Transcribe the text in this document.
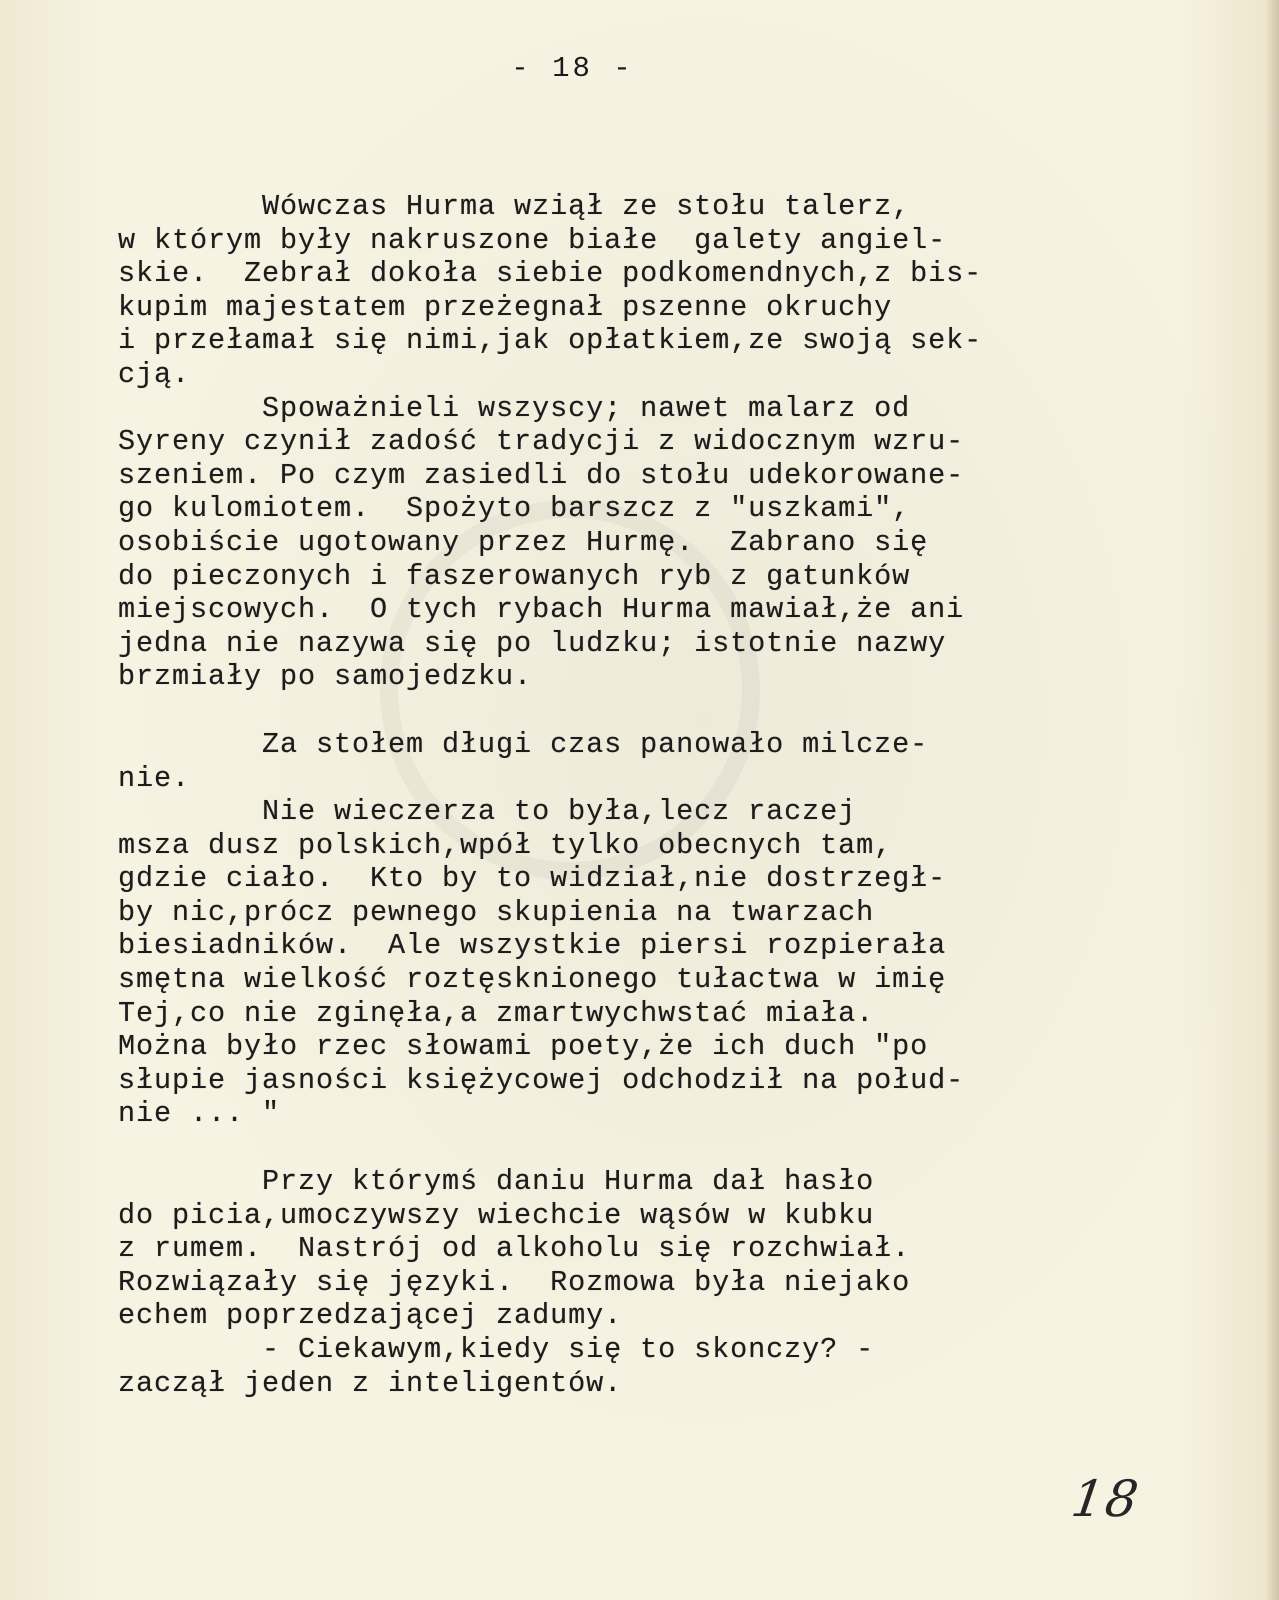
- 18 -
Wówczas Hurma wziął ze stołu talerz,
w którym były nakruszone białe  galety angiel-
skie.  Zebrał dokoła siebie podkomendnych,z bis-
kupim majestatem przeżegnał pszenne okruchy
i przełamał się nimi,jak opłatkiem,ze swoją sek-
cją.
Spoważnieli wszyscy; nawet malarz od
Syreny czynił zadość tradycji z widocznym wzru-
szeniem. Po czym zasiedli do stołu udekorowane-
go kulomiotem.  Spożyto barszcz z "uszkami",
osobiście ugotowany przez Hurmę.  Zabrano się
do pieczonych i faszerowanych ryb z gatunków
miejscowych.  O tych rybach Hurma mawiał,że ani
jedna nie nazywa się po ludzku; istotnie nazwy
brzmiały po samojedzku.
Za stołem długi czas panowało milcze-
nie.
Nie wieczerza to była,lecz raczej
msza dusz polskich,wpół tylko obecnych tam,
gdzie ciało.  Kto by to widział,nie dostrzegł-
by nic,prócz pewnego skupienia na twarzach
biesiadników.  Ale wszystkie piersi rozpierała
smętna wielkość roztęsknionego tułactwa w imię
Tej,co nie zginęła,a zmartwychwstać miała.
Można było rzec słowami poety,że ich duch "po
słupie jasności księżycowej odchodził na połud-
nie ... "
Przy którymś daniu Hurma dał hasło
do picia,umoczywszy wiechcie wąsów w kubku
z rumem.  Nastrój od alkoholu się rozchwiał.
Rozwiązały się języki.  Rozmowa była niejako
echem poprzedzającej zadumy.
- Ciekawym,kiedy się to skonczy? -
zaczął jeden z inteligentów.
18
